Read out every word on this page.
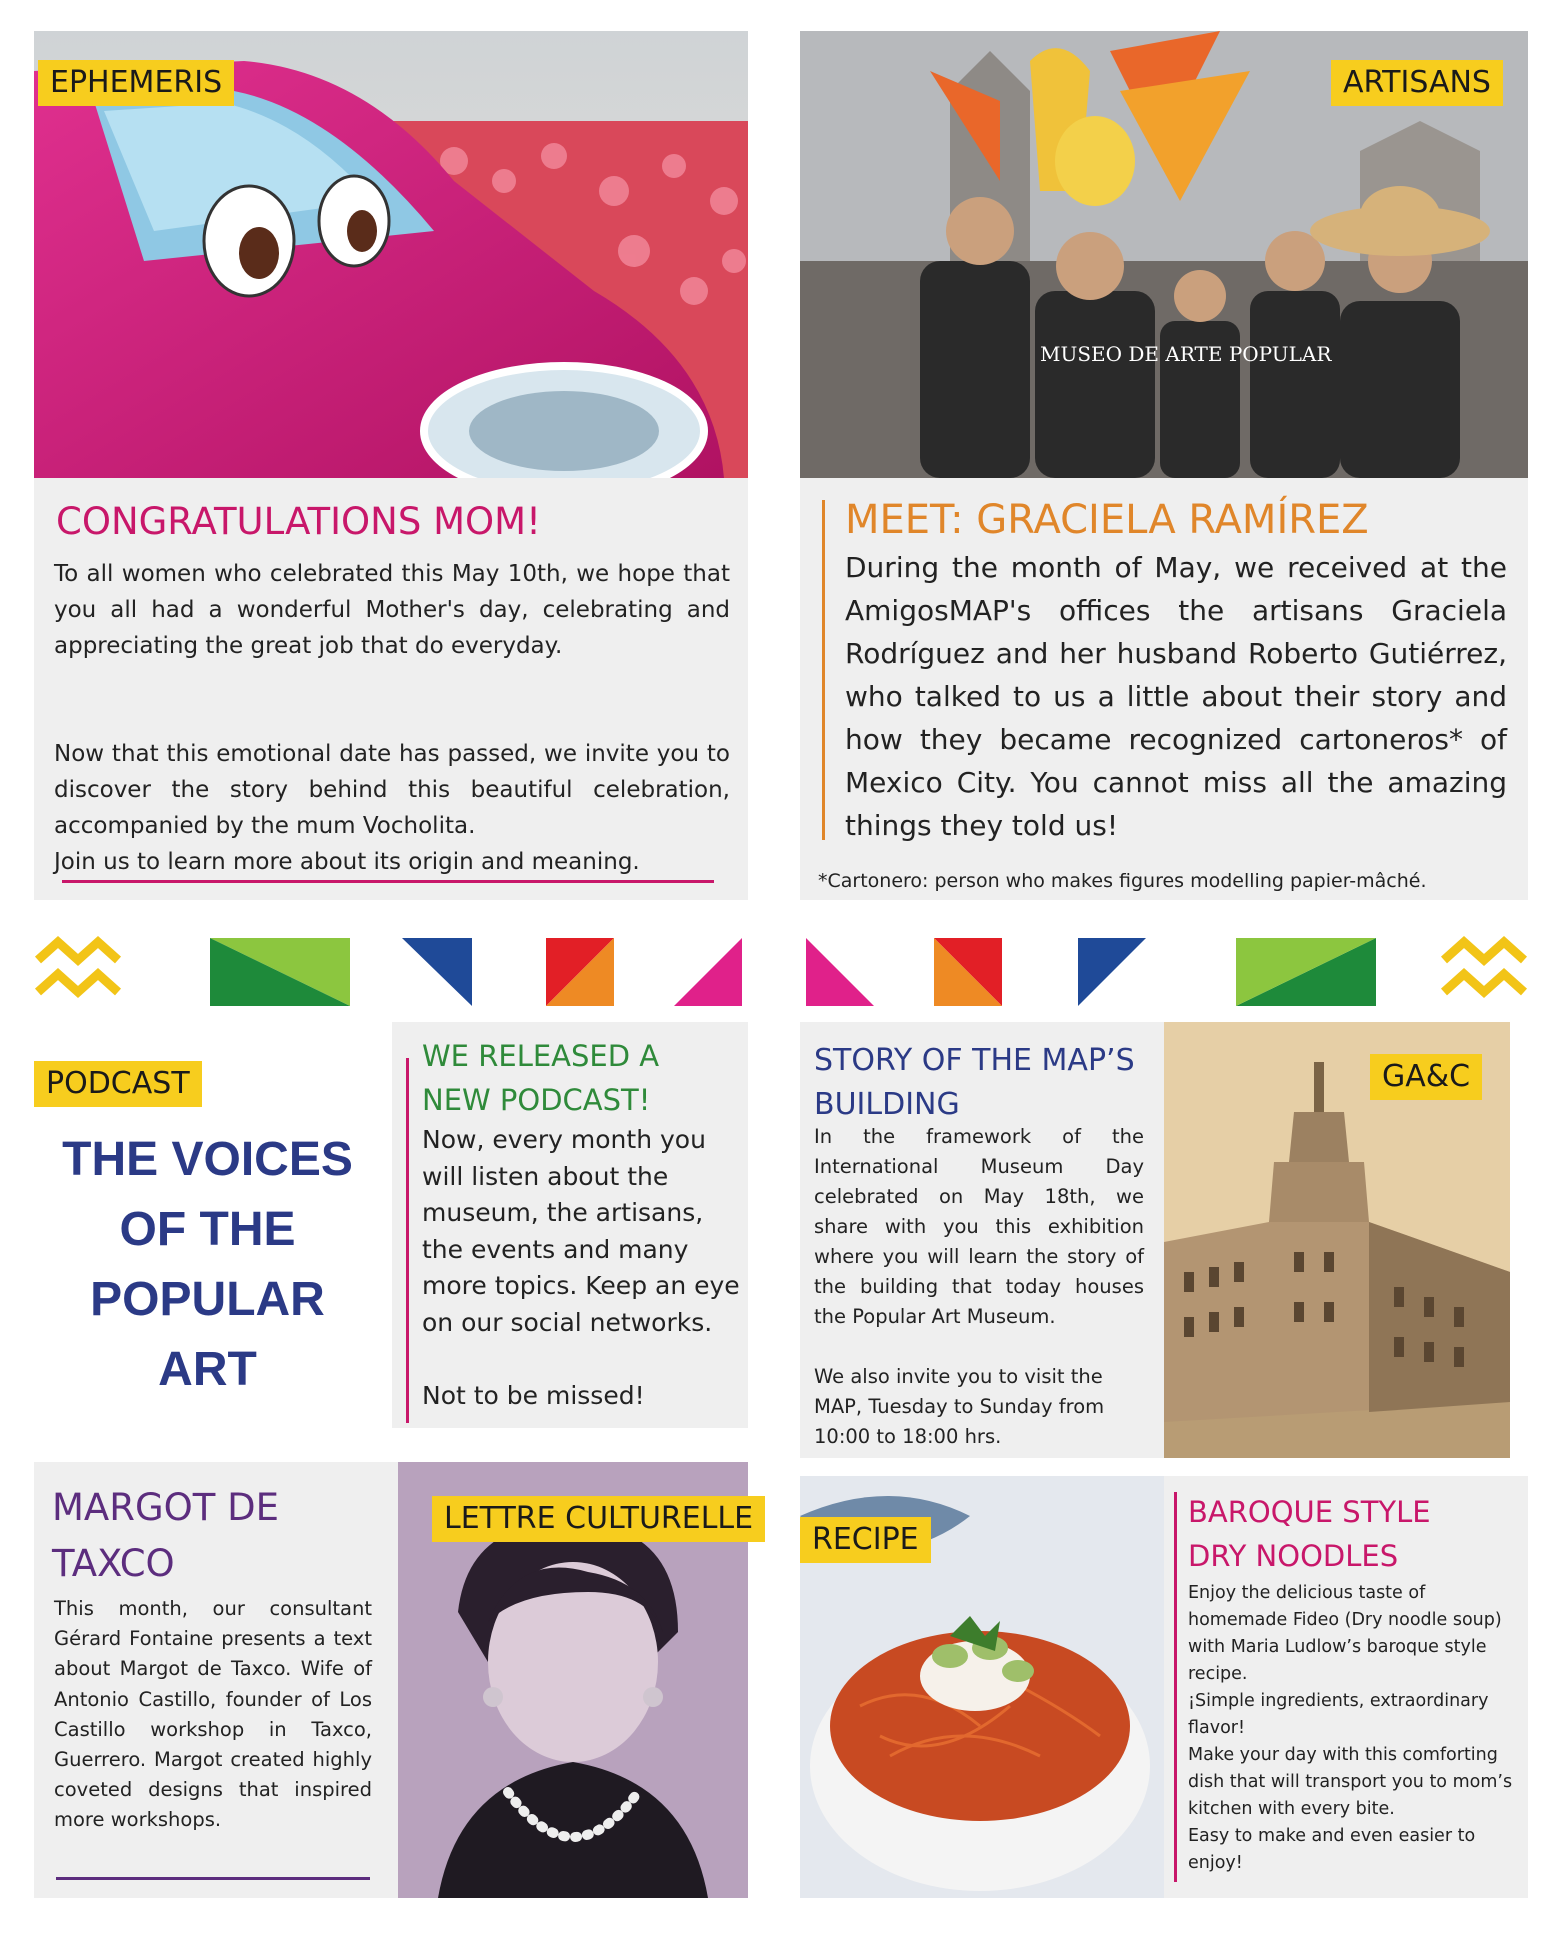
EPHEMERIS
CONGRATULATIONS MOM!
To all women who celebrated this May 10th, we hope that you all had a wonderful Mother's day, celebrating and appreciating the great job that do everyday.
Now that this emotional date has passed, we invite you to discover the story behind this beautiful celebration, accompanied by the mum Vocholita.
Join us to learn more about its origin and meaning.
MUSEO DE ARTE POPULAR
ARTISANS
MEET: GRACIELA RAMÍREZ
During the month of May, we received at the AmigosMAP's offices the artisans Graciela Rodríguez and her husband Roberto Gutiérrez, who talked to us a little about their story and how they became recognized cartoneros* of Mexico City. You cannot miss all the amazing things they told us!
*Cartonero: person who makes figures modelling papier-mâché.
PODCAST
THE VOICES
OF THE
POPULAR
ART
WE RELEASED A
NEW PODCAST!
Now, every month you will listen about the museum, the artisans, the events and many more topics. Keep an eye on our social networks.
Not to be missed!
STORY OF THE MAP’S
BUILDING
In the framework of the International Museum Day celebrated on May 18th, we share with you this exhibition where you will learn the story of the building that today houses the Popular Art Museum.
We also invite you to visit the MAP, Tuesday to Sunday from 10:00 to 18:00 hrs.
GA&C
MARGOT DE
TAXCO
This month, our consultant Gérard Fontaine presents a text about Margot de Taxco. Wife of Antonio Castillo, founder of Los Castillo workshop in Taxco, Guerrero. Margot created highly coveted designs that inspired more workshops.
LETTRE CULTURELLE
RECIPE
BAROQUE STYLE
DRY NOODLES
Enjoy the delicious taste of homemade Fideo (Dry noodle soup) with Maria Ludlow’s baroque style recipe.
¡Simple ingredients, extraordinary flavor!
Make your day with this comforting dish that will transport you to mom’s kitchen with every bite.
Easy to make and even easier to enjoy!
